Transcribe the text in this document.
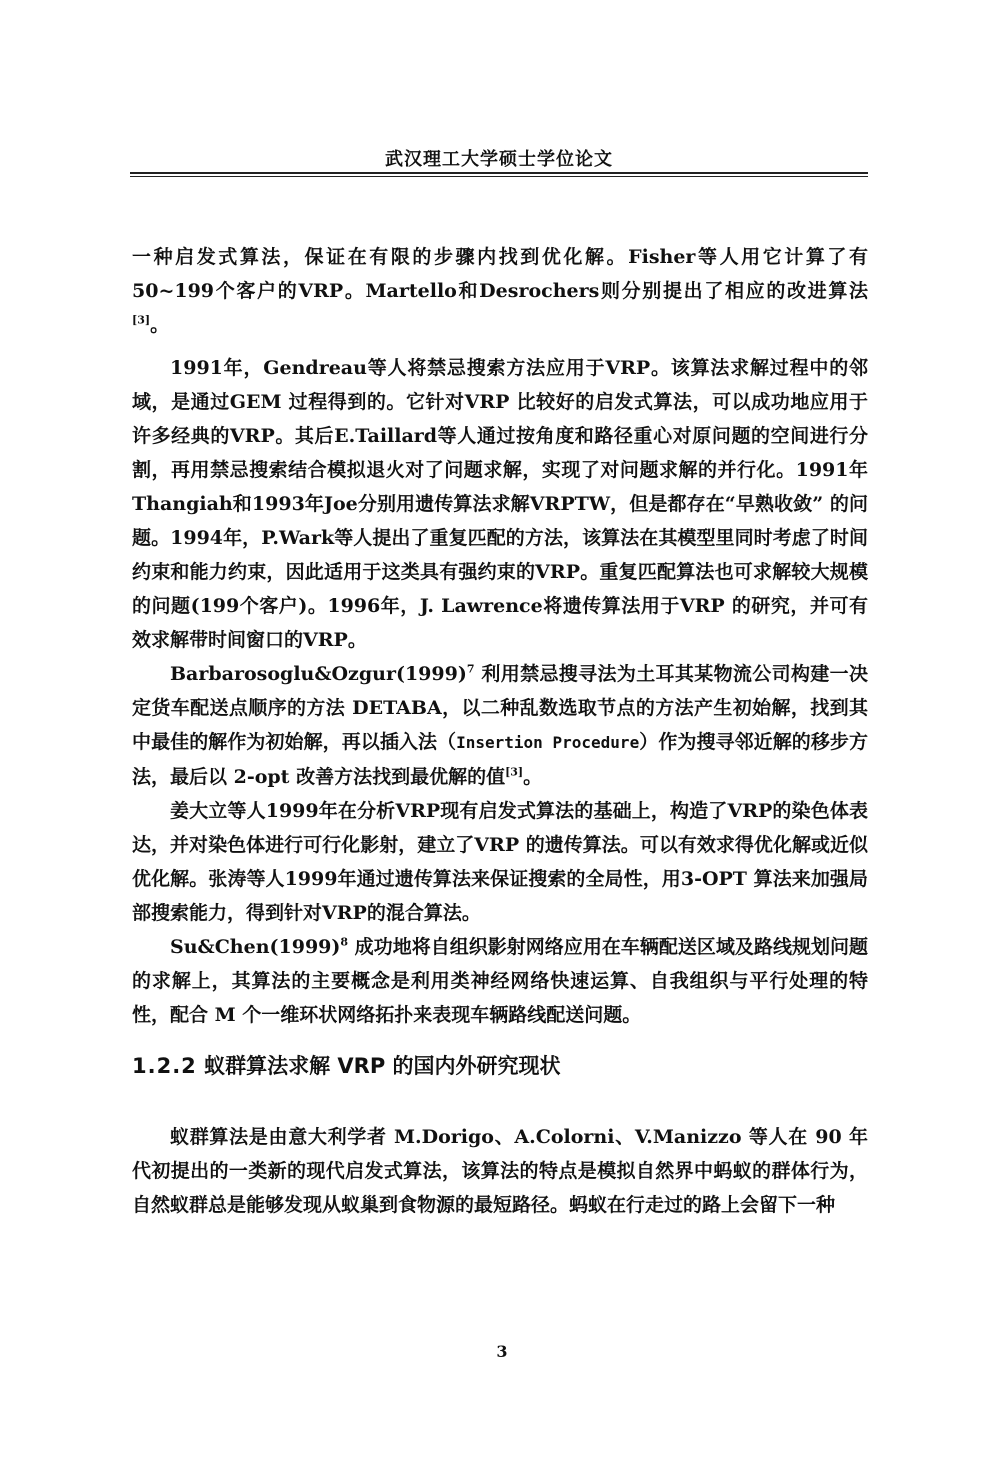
武汉理工大学硕士学位论文

一种启发式算法，保证在有限的步骤内找到优化解。Fisher等人用它计算了有50~199个客户的VRP。Martello和Desrochers则分别提出了相应的改进算法[3]。

1991年，Gendreau等人将禁忌搜索方法应用于VRP。该算法求解过程中的邻域，是通过GEM 过程得到的。它针对VRP 比较好的启发式算法，可以成功地应用于许多经典的VRP。其后E.Taillard等人通过按角度和路径重心对原问题的空间进行分割，再用禁忌搜索结合模拟退火对了问题求解，实现了对问题求解的并行化。1991年Thangiah和1993年Joe分别用遗传算法求解VRPTW，但是都存在“早熟收敛” 的问题。1994年，P.Wark等人提出了重复匹配的方法，该算法在其模型里同时考虑了时间约束和能力约束，因此适用于这类具有强约束的VRP。重复匹配算法也可求解较大规模的问题(199个客户)。1996年，J. Lawrence将遗传算法用于VRP 的研究，并可有效求解带时间窗口的VRP。

$Barbarosoglu\&Ozgur(1999)^7$ 利用禁忌搜寻法为土耳其某物流公司构建一决定货车配送点顺序的方法 DETABA，以二种乱数选取节点的方法产生初始解，找到其中最佳的解作为初始解，再以插入法（Insertion Procedure）作为搜寻邻近解的移步方法，最后以 2-opt 改善方法找到最优解的值[3]。

姜大立等人1999年在分析VRP现有启发式算法的基础上，构造了VRP的染色体表达，并对染色体进行可行化影射，建立了VRP 的遗传算法。可以有效求得优化解或近似优化解。张涛等人1999年通过遗传算法来保证搜索的全局性，用3-OPT 算法来加强局部搜索能力，得到针对VRP的混合算法。

$Su\&Chen(1999)^8$ 成功地将自组织影射网络应用在车辆配送区域及路线规划问题的求解上，其算法的主要概念是利用类神经网络快速运算、自我组织与平行处理的特性，配合 M 个一维环状网络拓扑来表现车辆路线配送问题。

1.2.2 蚁群算法求解 VRP 的国内外研究现状

蚁群算法是由意大利学者 M.Dorigo、A.Colorni、V.Manizzo 等人在 90 年代初提出的一类新的现代启发式算法，该算法的特点是模拟自然界中蚂蚁的群体行为，自然蚁群总是能够发现从蚁巢到食物源的最短路径。蚂蚁在行走过的路上会留下一种

3
